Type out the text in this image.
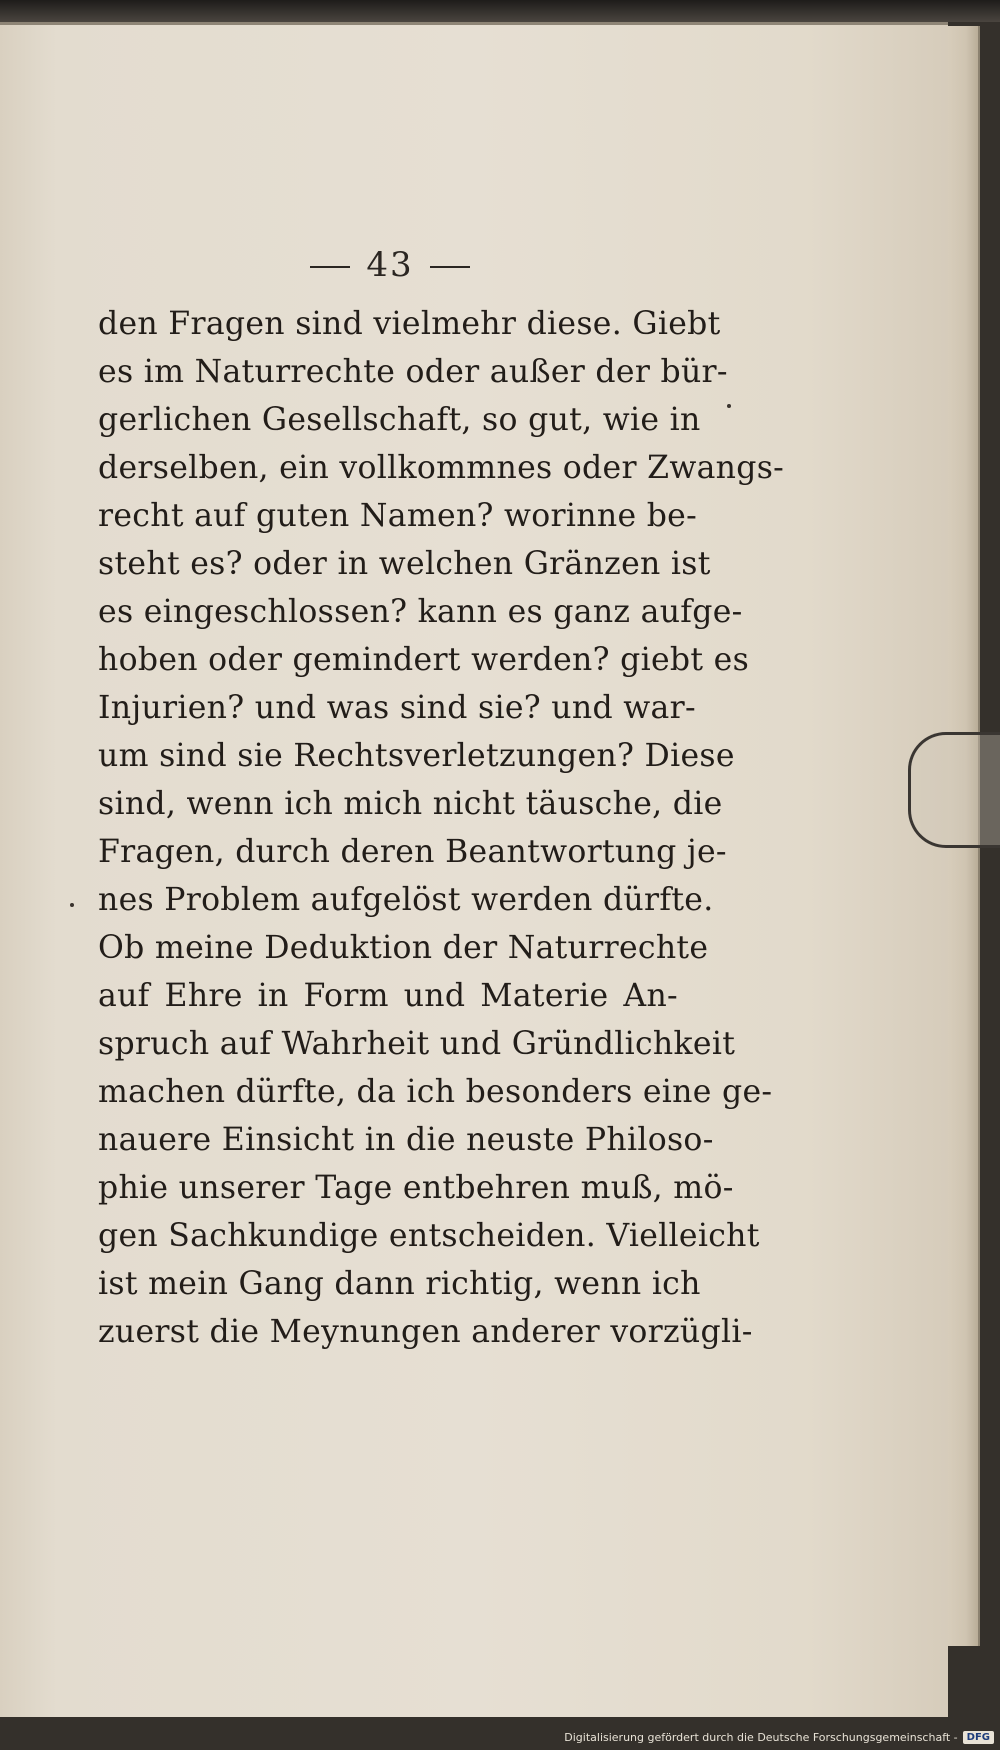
43
den Fragen sind vielmehr diese. Giebt
es im Naturrechte oder außer der bür-
gerlichen Gesellschaft, so gut, wie in
derselben, ein vollkommnes oder Zwangs-
recht auf guten Namen? worinne be-
steht es? oder in welchen Gränzen ist
es eingeschlossen? kann es ganz aufge-
hoben oder gemindert werden? giebt es
Injurien? und was sind sie? und war-
um sind sie Rechtsverletzungen? Diese
sind, wenn ich mich nicht täusche, die
Fragen, durch deren Beantwortung je-
nes Problem aufgelöst werden dürfte.
Ob meine Deduktion der Naturrechte
auf Ehre in Form und Materie An-
spruch auf Wahrheit und Gründlichkeit
machen dürfte, da ich besonders eine ge-
nauere Einsicht in die neuste Philoso-
phie unserer Tage entbehren muß, mö-
gen Sachkundige entscheiden. Vielleicht
ist mein Gang dann richtig, wenn ich
zuerst die Meynungen anderer vorzügli-
Digitalisierung gefördert durch die Deutsche Forschungsgemeinschaft - DFG
